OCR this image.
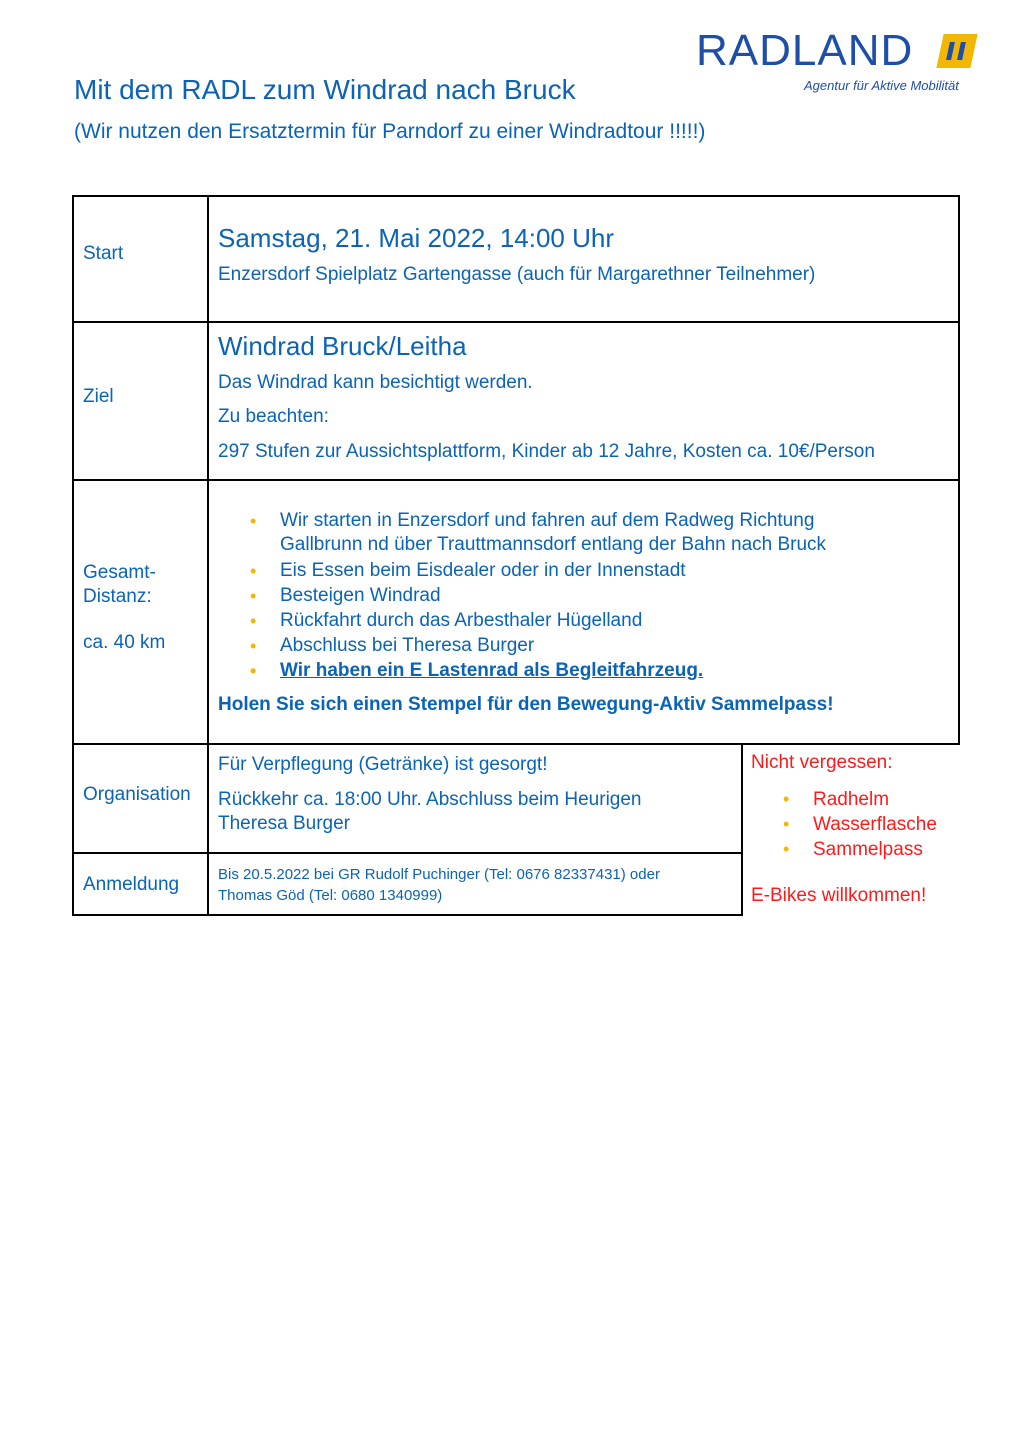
RADLAND
Agentur für Aktive Mobilität
Mit dem RADL zum Windrad nach Bruck
(Wir nutzen den Ersatztermin für Parndorf zu einer Windradtour !!!!!)
Start
Samstag, 21. Mai 2022, 14:00 Uhr
Enzersdorf Spielplatz Gartengasse (auch für Margarethner Teilnehmer)
Ziel
Windrad Bruck/Leitha
Das Windrad kann besichtigt werden.
Zu beachten:
297 Stufen zur Aussichtsplattform, Kinder ab 12 Jahre, Kosten ca. 10€/Person
Gesamt-
Distanz:
ca. 40 km
• Wir starten in Enzersdorf und fahren auf dem Radweg Richtung
Gallbrunn nd über Trauttmannsdorf entlang der Bahn nach Bruck
• Eis Essen beim Eisdealer oder in der Innenstadt
• Besteigen Windrad
• Rückfahrt durch das Arbesthaler Hügelland
• Abschluss bei Theresa Burger
• Wir haben ein E Lastenrad als Begleitfahrzeug.
Holen Sie sich einen Stempel für den Bewegung-Aktiv Sammelpass!
Organisation
Für Verpflegung (Getränke) ist gesorgt!
Rückkehr ca. 18:00 Uhr. Abschluss beim Heurigen
Theresa Burger
Anmeldung	Bis 20.5.2022 bei GR Rudolf Puchinger (Tel: 0676 82337431) oder
Thomas Göd (Tel: 0680 1340999)
Nicht vergessen:
• Radhelm
• Wasserflasche
• Sammelpass
E-Bikes willkommen!
